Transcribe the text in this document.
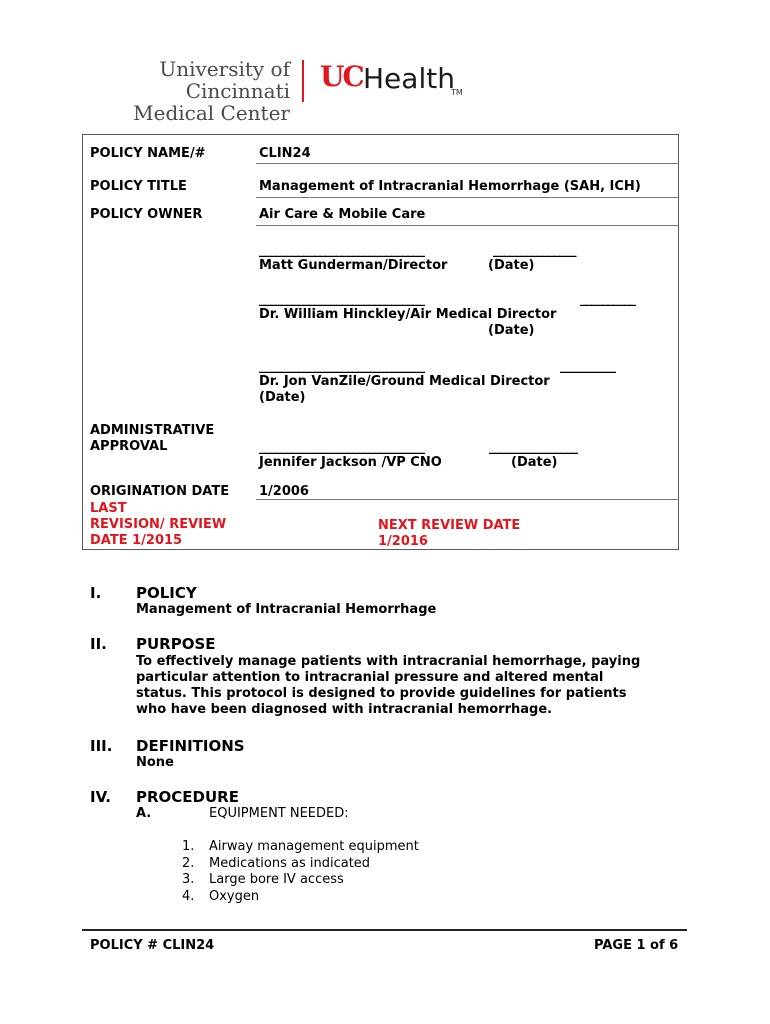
University of Cincinnati
Medical Center
UC Health
TM
POLICY NAME/#	CLIN24
POLICY TITLE	Management of Intracranial Hemorrhage (SAH, ICH)
POLICY OWNER	Air Care & Mobile Care
______________________________	_______________
Matt Gunderman/Director	(Date)
______________________________	__________
Dr. William Hinckley/Air Medical Director
(Date)
______________________________	__________
Dr. Jon VanZile/Ground Medical Director
(Date)
ADMINISTRATIVE
APPROVAL	______________________________	________________
Jennifer Jackson /VP CNO	(Date)
ORIGINATION DATE 1/2006
LAST
REVISION/ REVIEW
DATE 1/2015
NEXT REVIEW DATE
1/2016
I. POLICY
Management of Intracranial Hemorrhage
II. PURPOSE
To effectively manage patients with intracranial hemorrhage, paying
particular attention to intracranial pressure and altered mental
status. This protocol is designed to provide guidelines for patients
who have been diagnosed with intracranial hemorrhage.
III. DEFINITIONS
None
IV. PROCEDURE
A.	EQUIPMENT NEEDED:
1. Airway management equipment
2. Medications as indicated
3. Large bore IV access
4. Oxygen
POLICY # CLIN24	PAGE 1 of 6
